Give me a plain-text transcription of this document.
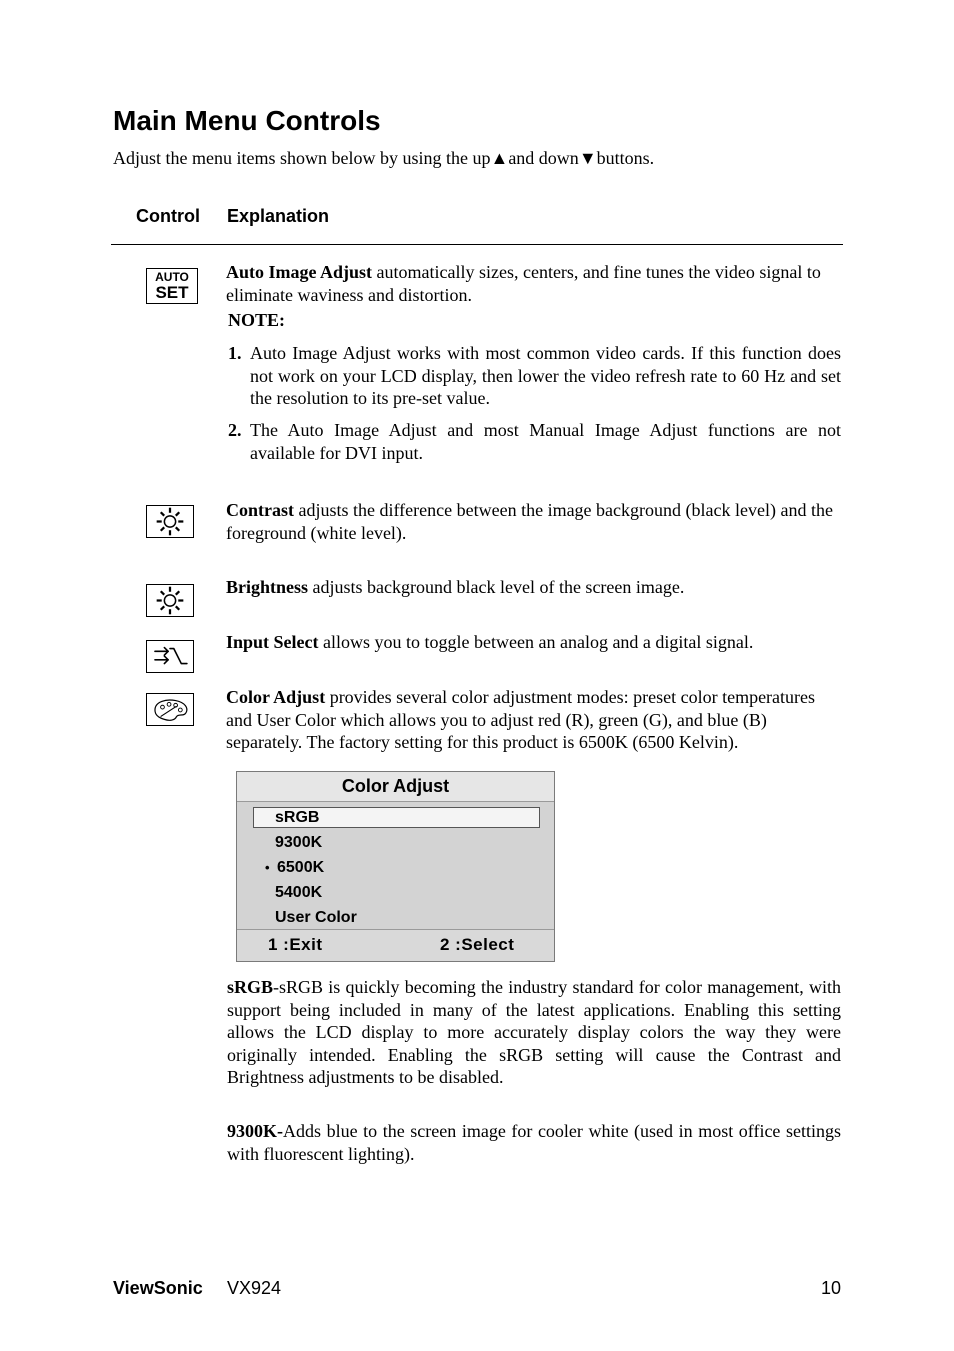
Main Menu Controls
Adjust the menu items shown below by using the up▲and down▼buttons.
Control Explanation
AUTO
SET
Auto Image Adjust automatically sizes, centers, and fine tunes the video signal to eliminate waviness and distortion.
NOTE:
1. Auto Image Adjust works with most common video cards. If this function does not work on your LCD display, then lower the video refresh rate to 60 Hz and set the resolution to its pre-set value.
2. The Auto Image Adjust and most Manual Image Adjust functions are not available for DVI input.
Contrast adjusts the difference between the image background (black level) and the foreground (white level).
Brightness adjusts background black level of the screen image.
Input Select allows you to toggle between an analog and a digital signal.
Color Adjust provides several color adjustment modes: preset color temperatures and User Color which allows you to adjust red (R), green (G), and blue (B) separately. The factory setting for this product is 6500K (6500 Kelvin).
Color Adjust
sRGB
9300K
• 6500K
5400K
User Color
1 :Exit	2 :Select
sRGB-sRGB is quickly becoming the industry standard for color management, with support being included in many of the latest applications. Enabling this setting allows the LCD display to more accurately display colors the way they were originally intended. Enabling the sRGB setting will cause the Contrast and Brightness adjustments to be disabled.
9300K-Adds blue to the screen image for cooler white (used in most office settings with fluorescent lighting).
ViewSonic VX924	10
